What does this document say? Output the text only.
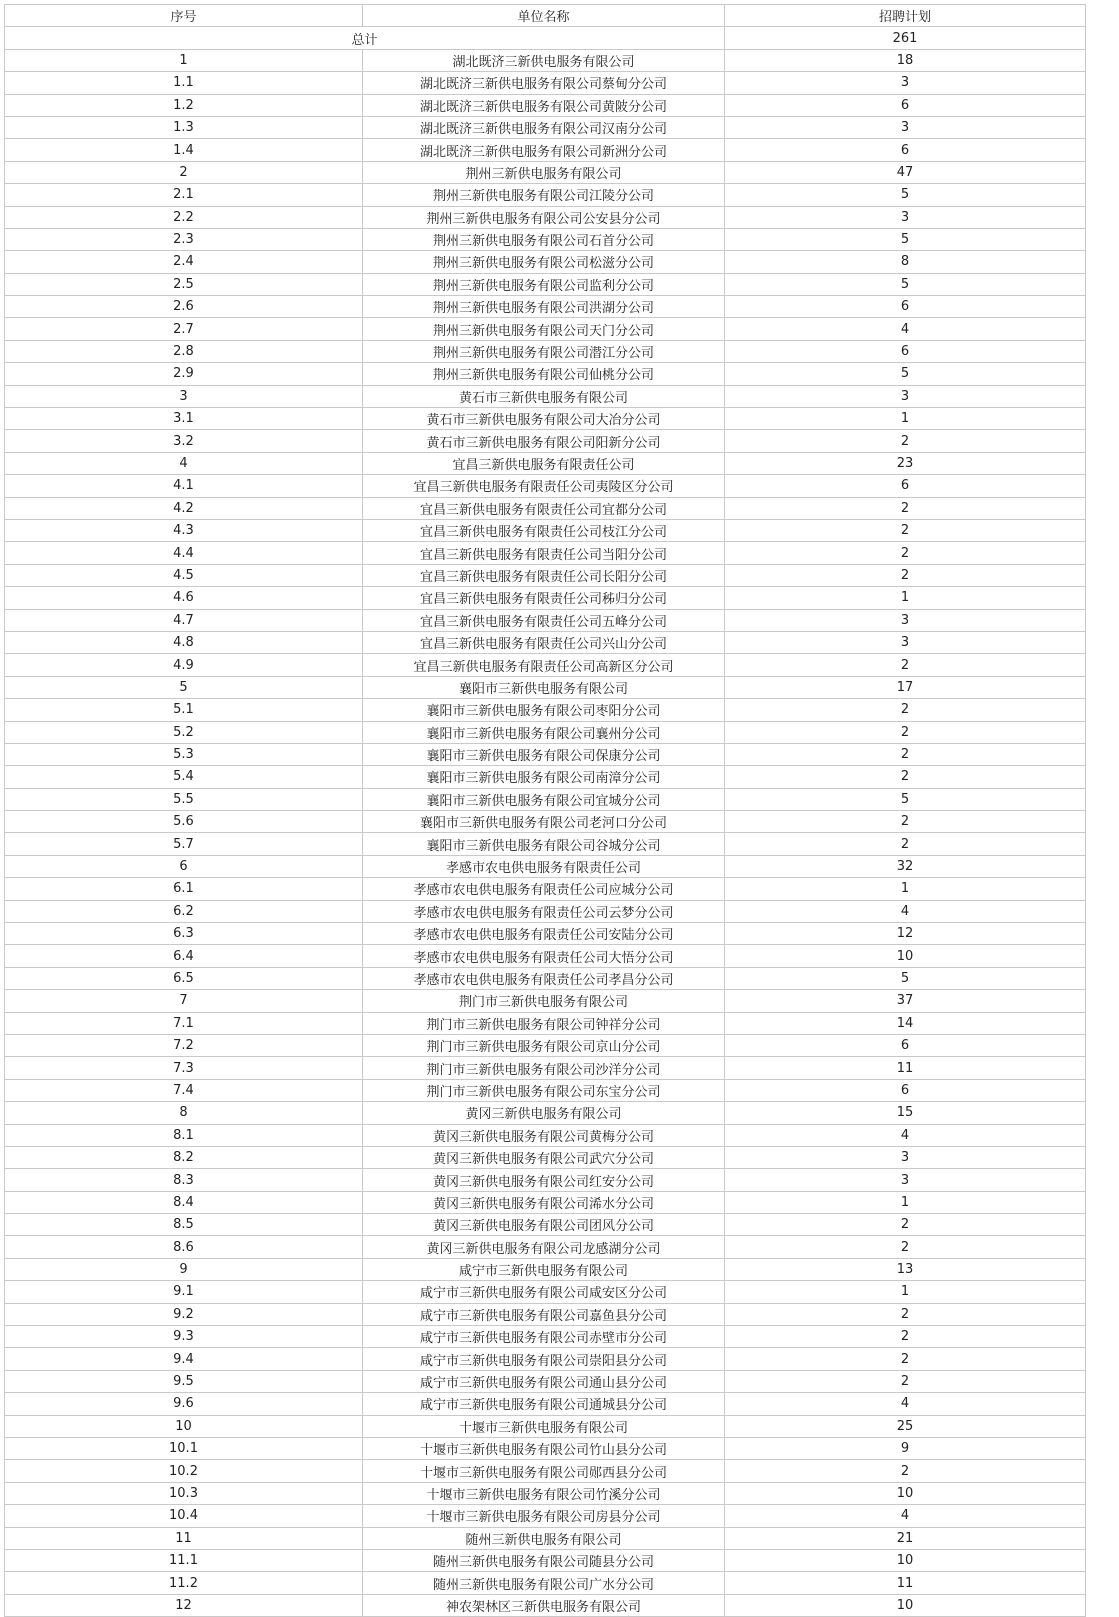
序号	单位名称	招聘计划
总计		261
1	湖北既济三新供电服务有限公司	18
1.1	湖北既济三新供电服务有限公司蔡甸分公司	3
1.2	湖北既济三新供电服务有限公司黄陂分公司	6
1.3	湖北既济三新供电服务有限公司汉南分公司	3
1.4	湖北既济三新供电服务有限公司新洲分公司	6
2	荆州三新供电服务有限公司	47
2.1	荆州三新供电服务有限公司江陵分公司	5
2.2	荆州三新供电服务有限公司公安县分公司	3
2.3	荆州三新供电服务有限公司石首分公司	5
2.4	荆州三新供电服务有限公司松滋分公司	8
2.5	荆州三新供电服务有限公司监利分公司	5
2.6	荆州三新供电服务有限公司洪湖分公司	6
2.7	荆州三新供电服务有限公司天门分公司	4
2.8	荆州三新供电服务有限公司潜江分公司	6
2.9	荆州三新供电服务有限公司仙桃分公司	5
3	黄石市三新供电服务有限公司	3
3.1	黄石市三新供电服务有限公司大冶分公司	1
3.2	黄石市三新供电服务有限公司阳新分公司	2
4	宜昌三新供电服务有限责任公司	23
4.1	宜昌三新供电服务有限责任公司夷陵区分公司	6
4.2	宜昌三新供电服务有限责任公司宜都分公司	2
4.3	宜昌三新供电服务有限责任公司枝江分公司	2
4.4	宜昌三新供电服务有限责任公司当阳分公司	2
4.5	宜昌三新供电服务有限责任公司长阳分公司	2
4.6	宜昌三新供电服务有限责任公司秭归分公司	1
4.7	宜昌三新供电服务有限责任公司五峰分公司	3
4.8	宜昌三新供电服务有限责任公司兴山分公司	3
4.9	宜昌三新供电服务有限责任公司高新区分公司	2
5	襄阳市三新供电服务有限公司	17
5.1	襄阳市三新供电服务有限公司枣阳分公司	2
5.2	襄阳市三新供电服务有限公司襄州分公司	2
5.3	襄阳市三新供电服务有限公司保康分公司	2
5.4	襄阳市三新供电服务有限公司南漳分公司	2
5.5	襄阳市三新供电服务有限公司宜城分公司	5
5.6	襄阳市三新供电服务有限公司老河口分公司	2
5.7	襄阳市三新供电服务有限公司谷城分公司	2
6	孝感市农电供电服务有限责任公司	32
6.1	孝感市农电供电服务有限责任公司应城分公司	1
6.2	孝感市农电供电服务有限责任公司云梦分公司	4
6.3	孝感市农电供电服务有限责任公司安陆分公司	12
6.4	孝感市农电供电服务有限责任公司大悟分公司	10
6.5	孝感市农电供电服务有限责任公司孝昌分公司	5
7	荆门市三新供电服务有限公司	37
7.1	荆门市三新供电服务有限公司钟祥分公司	14
7.2	荆门市三新供电服务有限公司京山分公司	6
7.3	荆门市三新供电服务有限公司沙洋分公司	11
7.4	荆门市三新供电服务有限公司东宝分公司	6
8	黄冈三新供电服务有限公司	15
8.1	黄冈三新供电服务有限公司黄梅分公司	4
8.2	黄冈三新供电服务有限公司武穴分公司	3
8.3	黄冈三新供电服务有限公司红安分公司	3
8.4	黄冈三新供电服务有限公司浠水分公司	1
8.5	黄冈三新供电服务有限公司团风分公司	2
8.6	黄冈三新供电服务有限公司龙感湖分公司	2
9	咸宁市三新供电服务有限公司	13
9.1	咸宁市三新供电服务有限公司咸安区分公司	1
9.2	咸宁市三新供电服务有限公司嘉鱼县分公司	2
9.3	咸宁市三新供电服务有限公司赤壁市分公司	2
9.4	咸宁市三新供电服务有限公司崇阳县分公司	2
9.5	咸宁市三新供电服务有限公司通山县分公司	2
9.6	咸宁市三新供电服务有限公司通城县分公司	4
10	十堰市三新供电服务有限公司	25
10.1	十堰市三新供电服务有限公司竹山县分公司	9
10.2	十堰市三新供电服务有限公司郧西县分公司	2
10.3	十堰市三新供电服务有限公司竹溪分公司	10
10.4	十堰市三新供电服务有限公司房县分公司	4
11	随州三新供电服务有限公司	21
11.1	随州三新供电服务有限公司随县分公司	10
11.2	随州三新供电服务有限公司广水分公司	11
12	神农架林区三新供电服务有限公司	10
